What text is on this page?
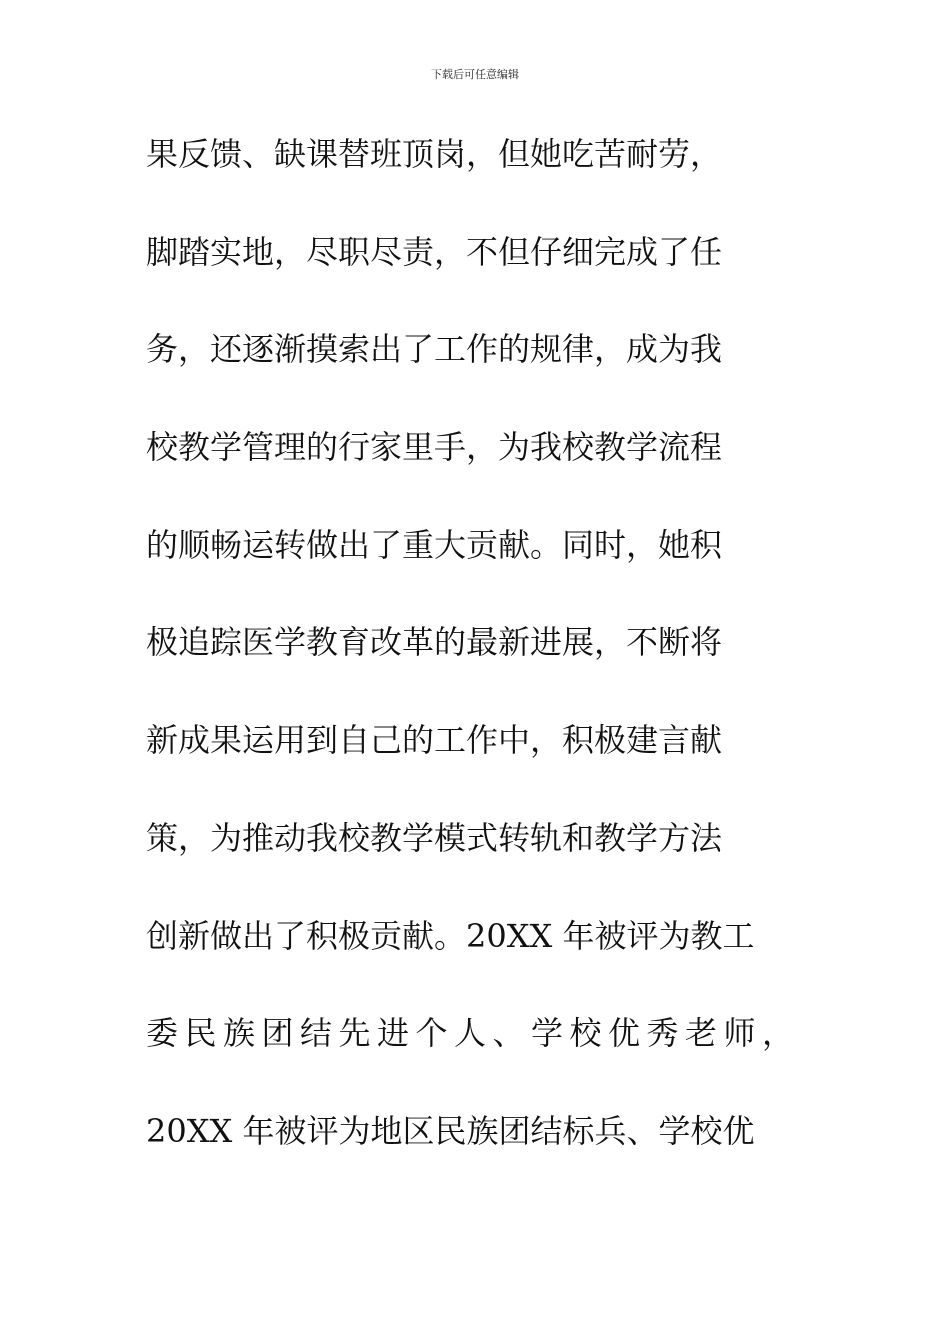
下载后可任意编辑
果反馈、缺课替班顶岗，但她吃苦耐劳，
脚踏实地，尽职尽责，不但仔细完成了任
务，还逐渐摸索出了工作的规律，成为我
校教学管理的行家里手，为我校教学流程
的顺畅运转做出了重大贡献。同时，她积
极追踪医学教育改革的最新进展，不断将
新成果运用到自己的工作中，积极建言献
策，为推动我校教学模式转轨和教学方法
创新做出了积极贡献。20XX 年被评为教工
委民族团结先进个人、学校优秀老师，
20XX 年被评为地区民族团结标兵、学校优
